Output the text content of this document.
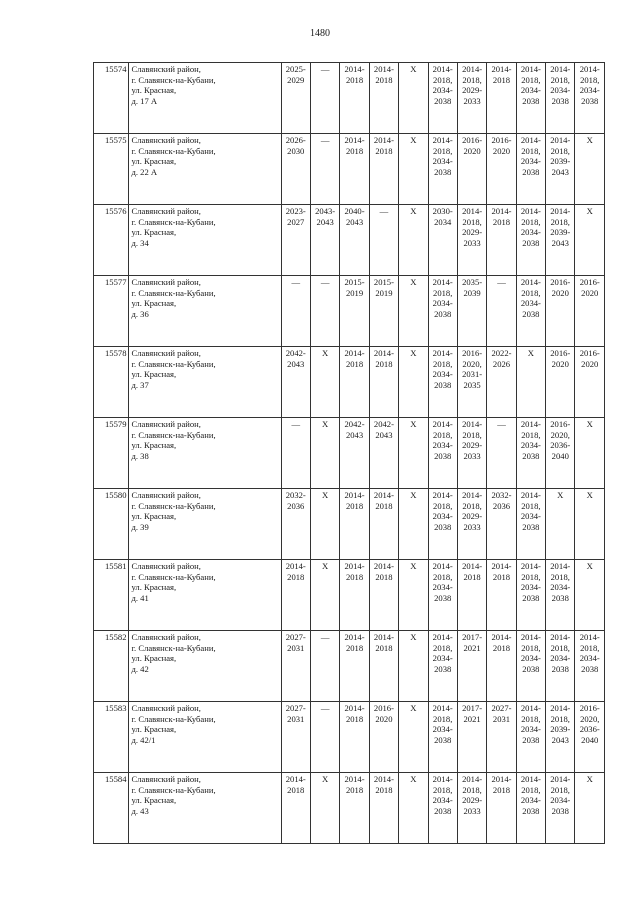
1480
15574	Славянский район,
г. Славянск-на-Кубани,
ул. Красная,
д. 17 А	2025-
2029	—	2014-
2018	2014-
2018	X	2014-
2018,
2034-
2038	2014-
2018,
2029-
2033	2014-
2018	2014-
2018,
2034-
2038	2014-
2018,
2034-
2038	2014-
2018,
2034-
2038
15575	Славянский район,
г. Славянск-на-Кубани,
ул. Красная,
д. 22 А	2026-
2030	—	2014-
2018	2014-
2018	X	2014-
2018,
2034-
2038	2016-
2020	2016-
2020	2014-
2018,
2034-
2038	2014-
2018,
2039-
2043	X
15576	Славянский район,
г. Славянск-на-Кубани,
ул. Красная,
д. 34	2023-
2027	2043-
2043	2040-
2043	—	X	2030-
2034	2014-
2018,
2029-
2033	2014-
2018	2014-
2018,
2034-
2038	2014-
2018,
2039-
2043	X
15577	Славянский район,
г. Славянск-на-Кубани,
ул. Красная,
д. 36	—	—	2015-
2019	2015-
2019	X	2014-
2018,
2034-
2038	2035-
2039	—	2014-
2018,
2034-
2038	2016-
2020	2016-
2020
15578	Славянский район,
г. Славянск-на-Кубани,
ул. Красная,
д. 37	2042-
2043	X	2014-
2018	2014-
2018	X	2014-
2018,
2034-
2038	2016-
2020,
2031-
2035	2022-
2026	X	2016-
2020	2016-
2020
15579	Славянский район,
г. Славянск-на-Кубани,
ул. Красная,
д. 38	—	X	2042-
2043	2042-
2043	X	2014-
2018,
2034-
2038	2014-
2018,
2029-
2033	—	2014-
2018,
2034-
2038	2016-
2020,
2036-
2040	X
15580	Славянский район,
г. Славянск-на-Кубани,
ул. Красная,
д. 39	2032-
2036	X	2014-
2018	2014-
2018	X	2014-
2018,
2034-
2038	2014-
2018,
2029-
2033	2032-
2036	2014-
2018,
2034-
2038	X	X
15581	Славянский район,
г. Славянск-на-Кубани,
ул. Красная,
д. 41	2014-
2018	X	2014-
2018	2014-
2018	X	2014-
2018,
2034-
2038	2014-
2018	2014-
2018	2014-
2018,
2034-
2038	2014-
2018,
2034-
2038	X
15582	Славянский район,
г. Славянск-на-Кубани,
ул. Красная,
д. 42	2027-
2031	—	2014-
2018	2014-
2018	X	2014-
2018,
2034-
2038	2017-
2021	2014-
2018	2014-
2018,
2034-
2038	2014-
2018,
2034-
2038	2014-
2018,
2034-
2038
15583	Славянский район,
г. Славянск-на-Кубани,
ул. Красная,
д. 42/1	2027-
2031	—	2014-
2018	2016-
2020	X	2014-
2018,
2034-
2038	2017-
2021	2027-
2031	2014-
2018,
2034-
2038	2014-
2018,
2039-
2043	2016-
2020,
2036-
2040
15584	Славянский район,
г. Славянск-на-Кубани,
ул. Красная,
д. 43	2014-
2018	X	2014-
2018	2014-
2018	X	2014-
2018,
2034-
2038	2014-
2018,
2029-
2033	2014-
2018	2014-
2018,
2034-
2038	2014-
2018,
2034-
2038	X
